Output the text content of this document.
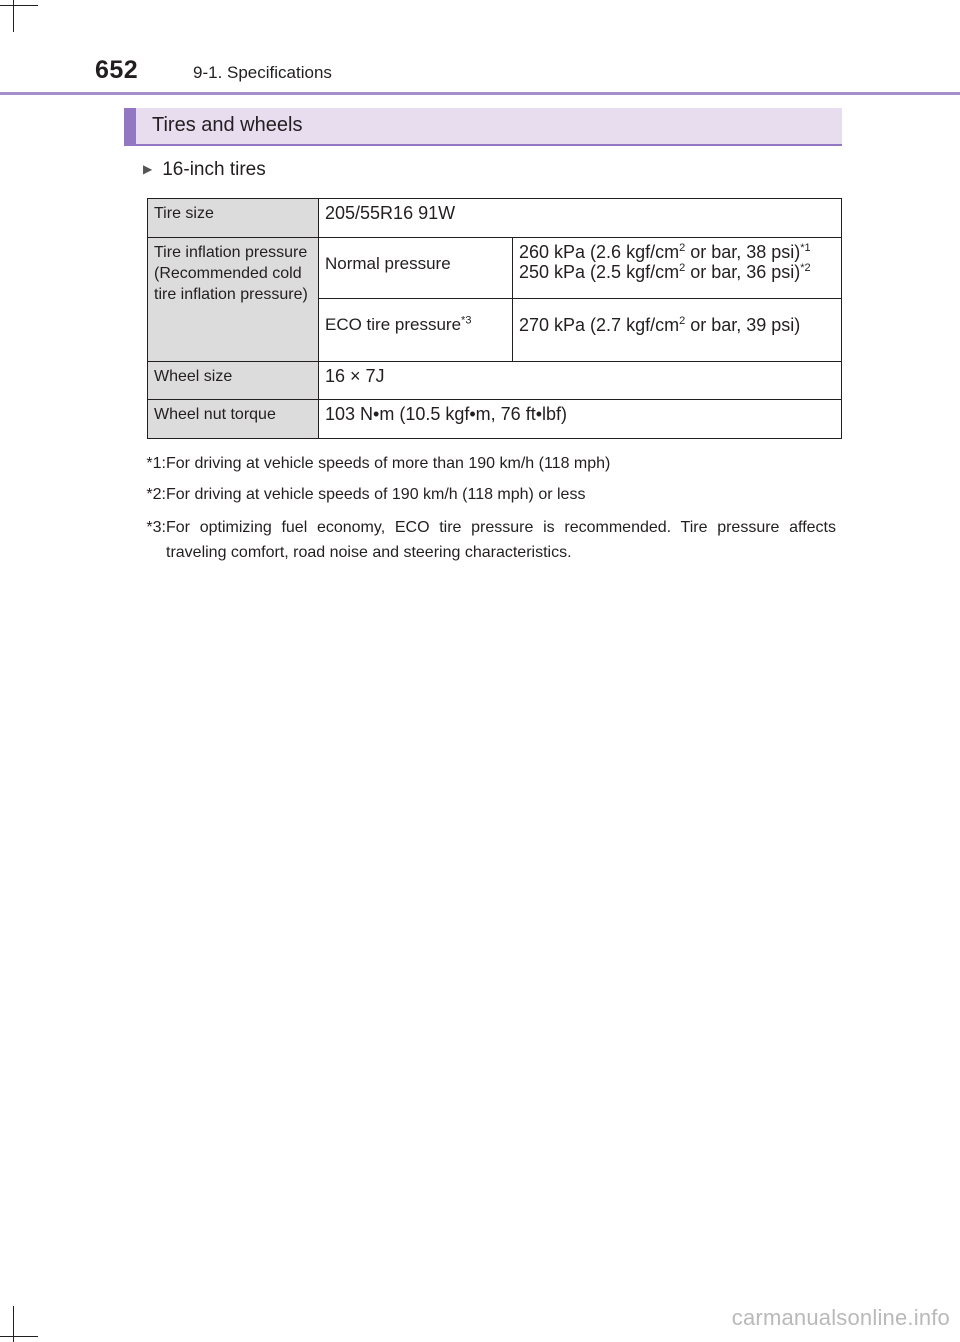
652	9-1. Specifications
Tires and wheels
▶ 16-inch tires
Tire size	205/55R16 91W	
Tire inflation pressure (Recommended cold tire inflation pressure)	Normal pressure	260 kPa (2.6 kgf/$cm^2$ or bar, 38 psi)$^{*1}$
250 kPa (2.5 kgf/$cm^2$ or bar, 36 psi)$^{*2}$

	ECO tire pressure$^{*3}$	270 kPa (2.7 kgf/$cm^2$ or bar, 39 psi)
Wheel size	16 × 7J	
Wheel nut torque	103 N•m (10.5 kgf•m, 76 ft•lbf)	
*1: For driving at vehicle speeds of more than 190 km/h (118 mph)
*2: For driving at vehicle speeds of 190 km/h (118 mph) or less
*3: For optimizing fuel economy, ECO tire pressure is recommended. Tire pressure affects traveling comfort, road noise and steering characteristics.
carmanualsonline.info
